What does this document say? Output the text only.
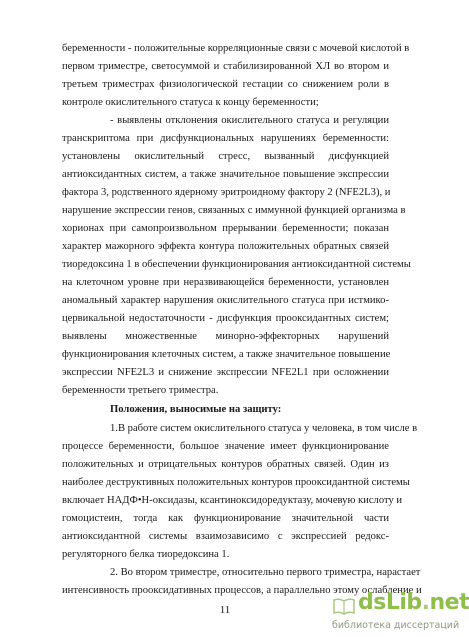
беременности - положительные корреляционные связи с мочевой кислотой в
первом триместре, светосуммой и стабилизированной ХЛ во втором и
третьем триместрах физиологической гестации со снижением роли в
контроле окислительного статуса к концу беременности;
- выявлены отклонения окислительного статуса и регуляции
транскриптома при дисфункциональных нарушениях беременности:
установлены окислительный стресс, вызванный дисфункцией
антиоксидантных систем, а также значительное повышение экспрессии
фактора 3, родственного ядерному эритроидному фактору 2 (NFE2L3), и
нарушение экспрессии генов, связанных с иммунной функцией организма в
хорионах при самопроизвольном прерывании беременности; показан
характер мажорного эффекта контура положительных обратных связей
тиоредоксина 1 в обеспечении функционирования антиоксидантной системы
на клеточном уровне при неразвивающейся беременности, установлен
аномальный характер нарушения окислительного статуса при истмико-
цервикальной недостаточности - дисфункция прооксидантных систем;
выявлены множественные минорно-эффекторных нарушений
функционирования клеточных систем, а также значительное повышение
экспрессии NFE2L3 и снижение экспрессии NFE2L1 при осложнении
беременности третьего триместра.
Положения, выносимые на защиту:
1.В работе систем окислительного статуса у человека, в том числе в
процессе беременности, большое значение имеет функционирование
положительных и отрицательных контуров обратных связей. Один из
наиболее деструктивных положительных контуров прооксидантной системы
включает НАДФ•Н-оксидазы, ксантиноксидоредуктазу, мочевую кислоту и
гомоцистеин, тогда как функционирование значительной части
антиоксидантной системы взаимозависимо с экспрессией редокс-
регуляторного белка тиоредоксина 1.
2. Во втором триместре, относительно первого триместра, нарастает
интенсивность прооксидативных процессов, а параллельно этому ослабление и
11	dsLib.net
библиотека диссертаций
